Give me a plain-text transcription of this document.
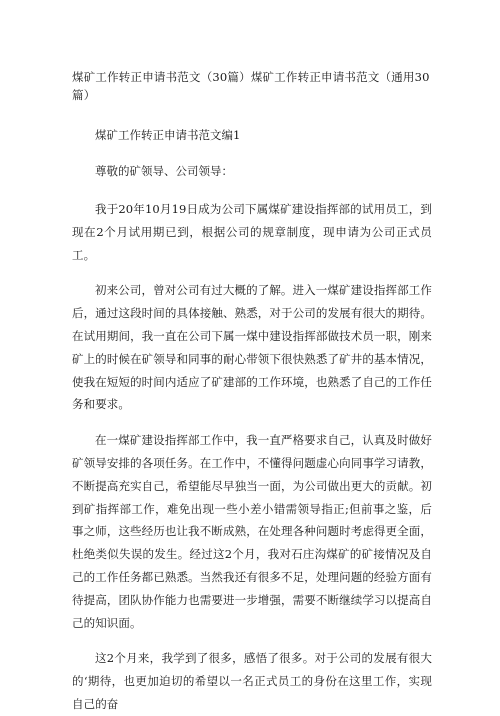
煤矿工作转正申请书范文（30篇）煤矿工作转正申请书范文（通用30篇）
煤矿工作转正申请书范文编1

尊敬的矿领导、公司领导：

我于20年10月19日成为公司下属煤矿建设指挥部的试用员工，到现在2个月试用期已到，根据公司的规章制度，现申请为公司正式员工。

初来公司，曾对公司有过大概的了解。进入一煤矿建设指挥部工作后，通过这段时间的具体接触、熟悉，对于公司的发展有很大的期待。在试用期间，我一直在公司下属一煤中建设指挥部做技术员一职，刚来矿上的时候在矿领导和同事的耐心带领下很快熟悉了矿井的基本情况，使我在短短的时间内适应了矿建部的工作环境，也熟悉了自己的工作任务和要求。

在一煤矿建设指挥部工作中，我一直严格要求自己，认真及时做好矿领导安排的各项任务。在工作中，不懂得问题虚心向同事学习请教，不断提高充实自己，希望能尽早独当一面，为公司做出更大的贡献。初到矿指挥部工作，难免出现一些小差小错需领导指正;但前事之鉴，后事之师，这些经历也让我不断成熟，在处理各种问题时考虑得更全面，杜绝类似失误的发生。经过这2个月，我对石庄沟煤矿的矿接情况及自己的工作任务都已熟悉。当然我还有很多不足，处理问题的经验方面有待提高，团队协作能力也需要进一步增强，需要不断继续学习以提高自己的知识面。

这2个月来，我学到了很多，感悟了很多。对于公司的发展有很大的‘期待，也更加迫切的希望以一名正式员工的身份在这里工作，实现自己的奋
